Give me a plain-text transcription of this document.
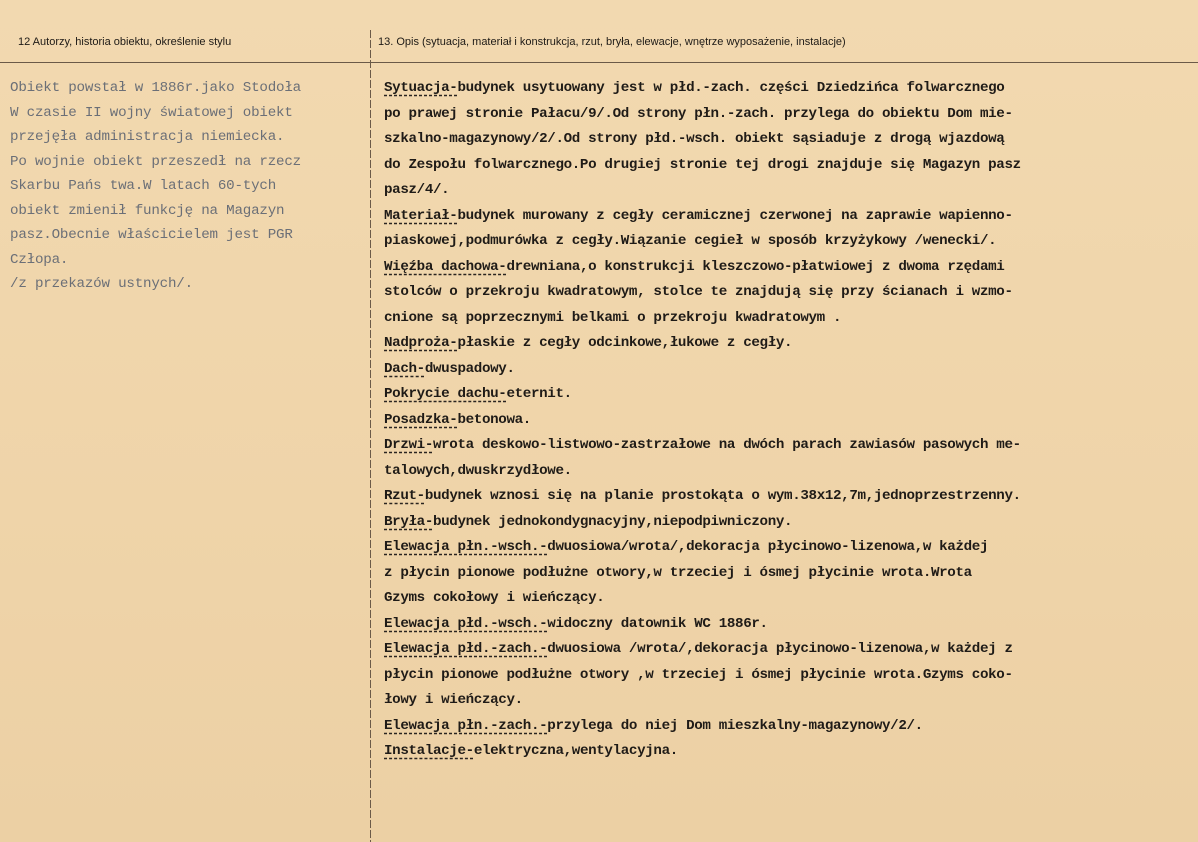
12 Autorzy, historia obiektu, określenie stylu	13. Opis (sytuacja, materiał i konstrukcja, rzut, bryła, elewacje, wnętrze wyposażenie, instalacje)
Obiekt powstał w 1886r.jako Stodoła
W czasie II wojny światowej obiekt
przejęła administracja niemiecka.
Po wojnie obiekt przeszedł na rzecz
Skarbu Pańs twa.W latach 60-tych
obiekt zmienił funkcję na Magazyn
pasz.Obecnie właścicielem jest PGR
Człopa.
/z przekazów ustnych/.
Sytuacja-budynek usytuowany jest w płd.-zach. części Dziedzińca folwarcznego
po prawej stronie Pałacu/9/.Od strony płn.-zach. przylega do obiektu Dom mie-
szkalno-magazynowy/2/.Od strony płd.-wsch. obiekt sąsiaduje z drogą wjazdową
do Zespołu folwarcznego.Po drugiej stronie tej drogi znajduje się Magazyn pasz
pasz/4/.
Materiał-budynek murowany z cegły ceramicznej czerwonej na zaprawie wapienno-
piaskowej,podmurówka z cegły.Wiązanie cegieł w sposób krzyżykowy /wenecki/.
Więźba dachowa-drewniana,o konstrukcji kleszczowo-płatwiowej z dwoma rzędami
stolców o przekroju kwadratowym, stolce te znajdują się przy ścianach i wzmo-
cnione są poprzecznymi belkami o przekroju kwadratowym .
Nadproża-płaskie z cegły odcinkowe,łukowe z cegły.
Dach-dwuspadowy.
Pokrycie dachu-eternit.
Posadzka-betonowa.
Drzwi-wrota deskowo-listwowo-zastrzałowe na dwóch parach zawiasów pasowych me-
talowych,dwuskrzydłowe.
Rzut-budynek wznosi się na planie prostokąta o wym.38x12,7m,jednoprzestrzenny.
Bryła-budynek jednokondygnacyjny,niepodpiwniczony.
Elewacja płn.-wsch.-dwuosiowa/wrota/,dekoracja płycinowo-lizenowa,w każdej
z płycin pionowe podłużne otwory,w trzeciej i ósmej płycinie wrota.Wrota
Gzyms cokołowy i wieńczący.
Elewacja płd.-wsch.-widoczny datownik WC 1886r.
Elewacja płd.-zach.-dwuosiowa /wrota/,dekoracja płycinowo-lizenowa,w każdej z
płycin pionowe podłużne otwory ,w trzeciej i ósmej płycinie wrota.Gzyms coko-
łowy i wieńczący.
Elewacja płn.-zach.-przylega do niej Dom mieszkalny-magazynowy/2/.
Instalacje-elektryczna,wentylacyjna.
